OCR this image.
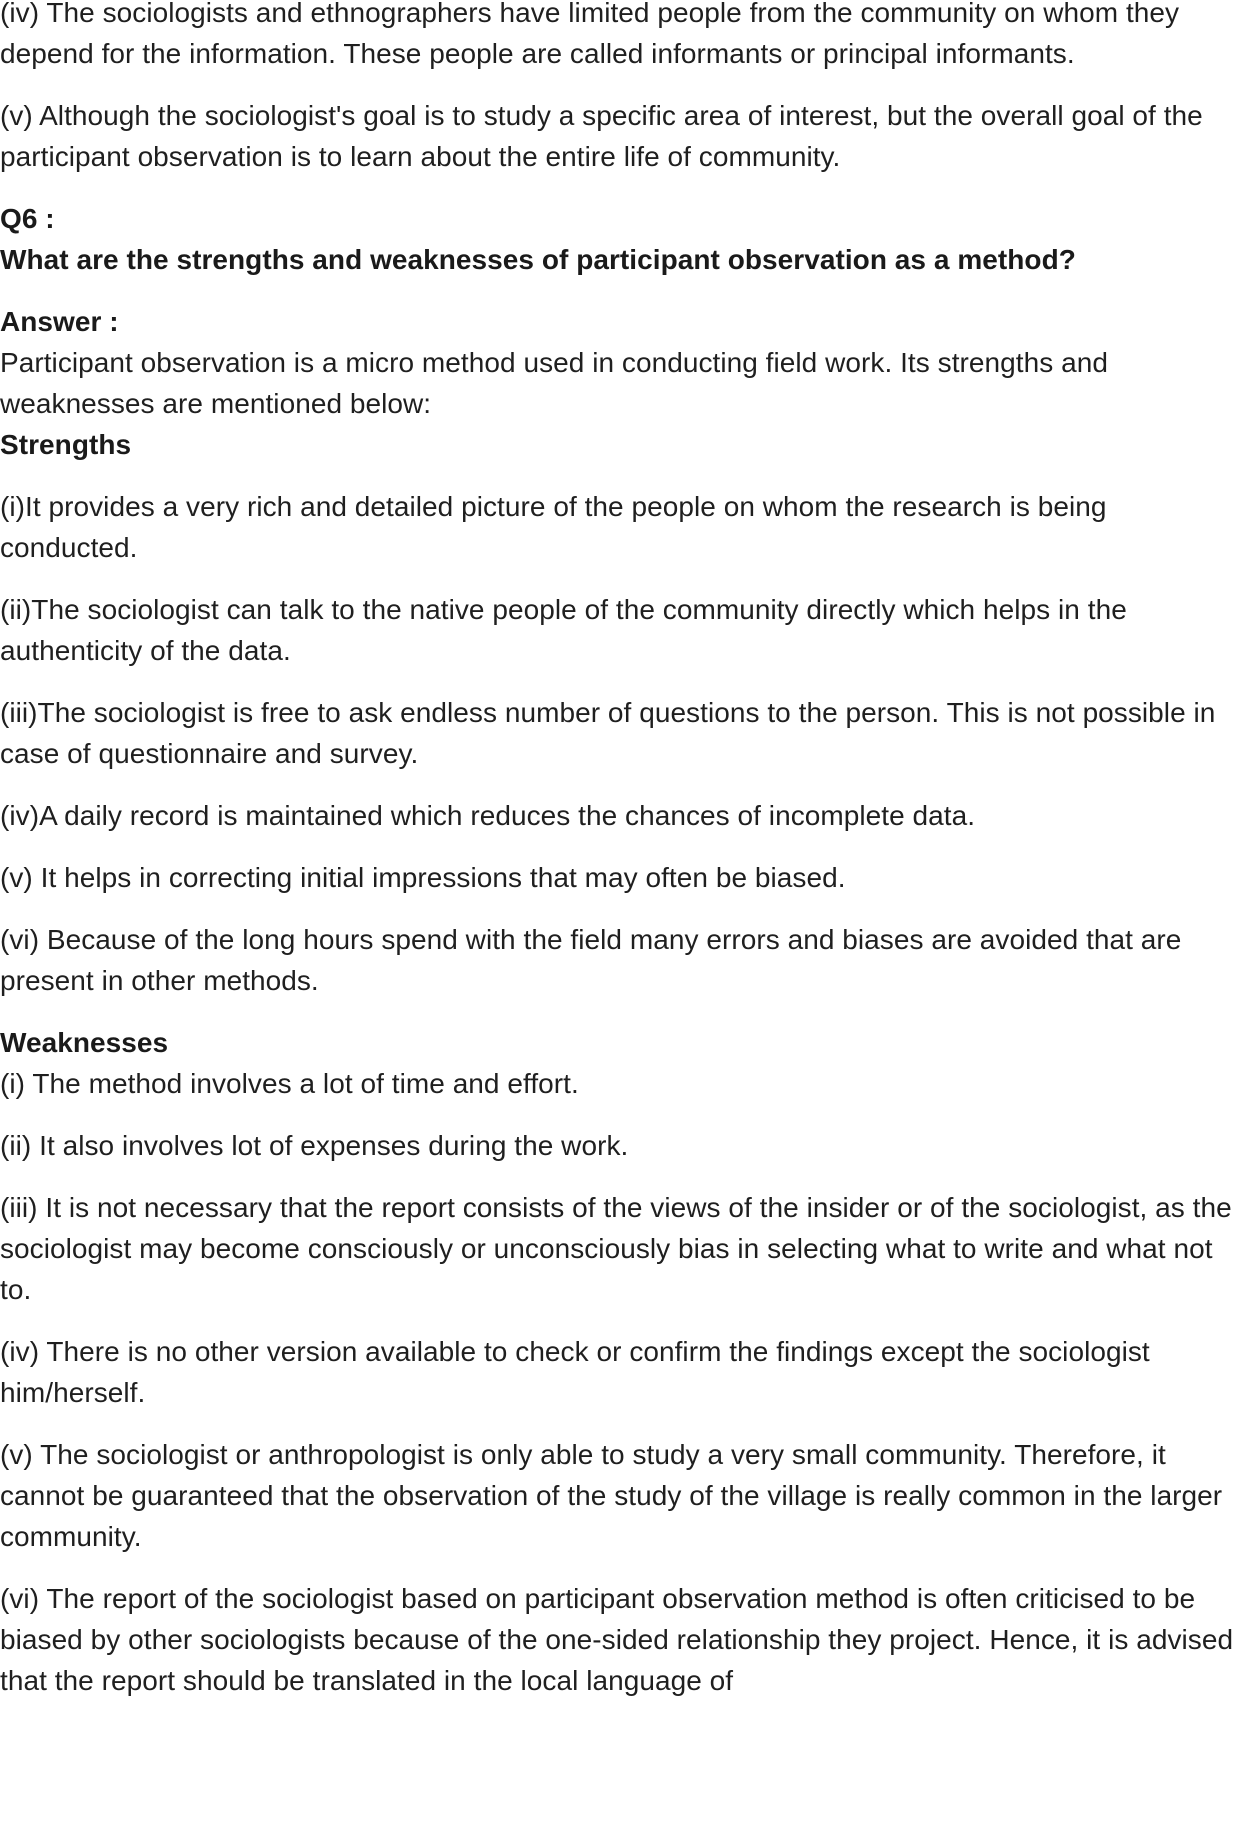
(iv) The sociologists and ethnographers have limited people from the community on whom they depend for the information. These people are called informants or principal informants.

(v) Although the sociologist's goal is to study a specific area of interest, but the overall goal of the participant observation is to learn about the entire life of community.

Q6 :

What are the strengths and weaknesses of participant observation as a method?

Answer :

Participant observation is a micro method used in conducting field work. Its strengths and weaknesses are mentioned below:

Strengths

(i)It provides a very rich and detailed picture of the people on whom the research is being conducted.

(ii)The sociologist can talk to the native people of the community directly which helps in the authenticity of the data.

(iii)The sociologist is free to ask endless number of questions to the person. This is not possible in case of questionnaire and survey.

(iv)A daily record is maintained which reduces the chances of incomplete data.

(v) It helps in correcting initial impressions that may often be biased.

(vi) Because of the long hours spend with the field many errors and biases are avoided that are present in other methods.

Weaknesses

(i) The method involves a lot of time and effort.

(ii) It also involves lot of expenses during the work.

(iii) It is not necessary that the report consists of the views of the insider or of the sociologist, as the sociologist may become consciously or unconsciously bias in selecting what to write and what not to.

(iv) There is no other version available to check or confirm the findings except the sociologist him/herself.

(v) The sociologist or anthropologist is only able to study a very small community. Therefore, it cannot be guaranteed that the observation of the study of the village is really common in the larger community.

(vi) The report of the sociologist based on participant observation method is often criticised to be biased by other sociologists because of the one-sided relationship they project. Hence, it is advised that the report should be translated in the local language of
